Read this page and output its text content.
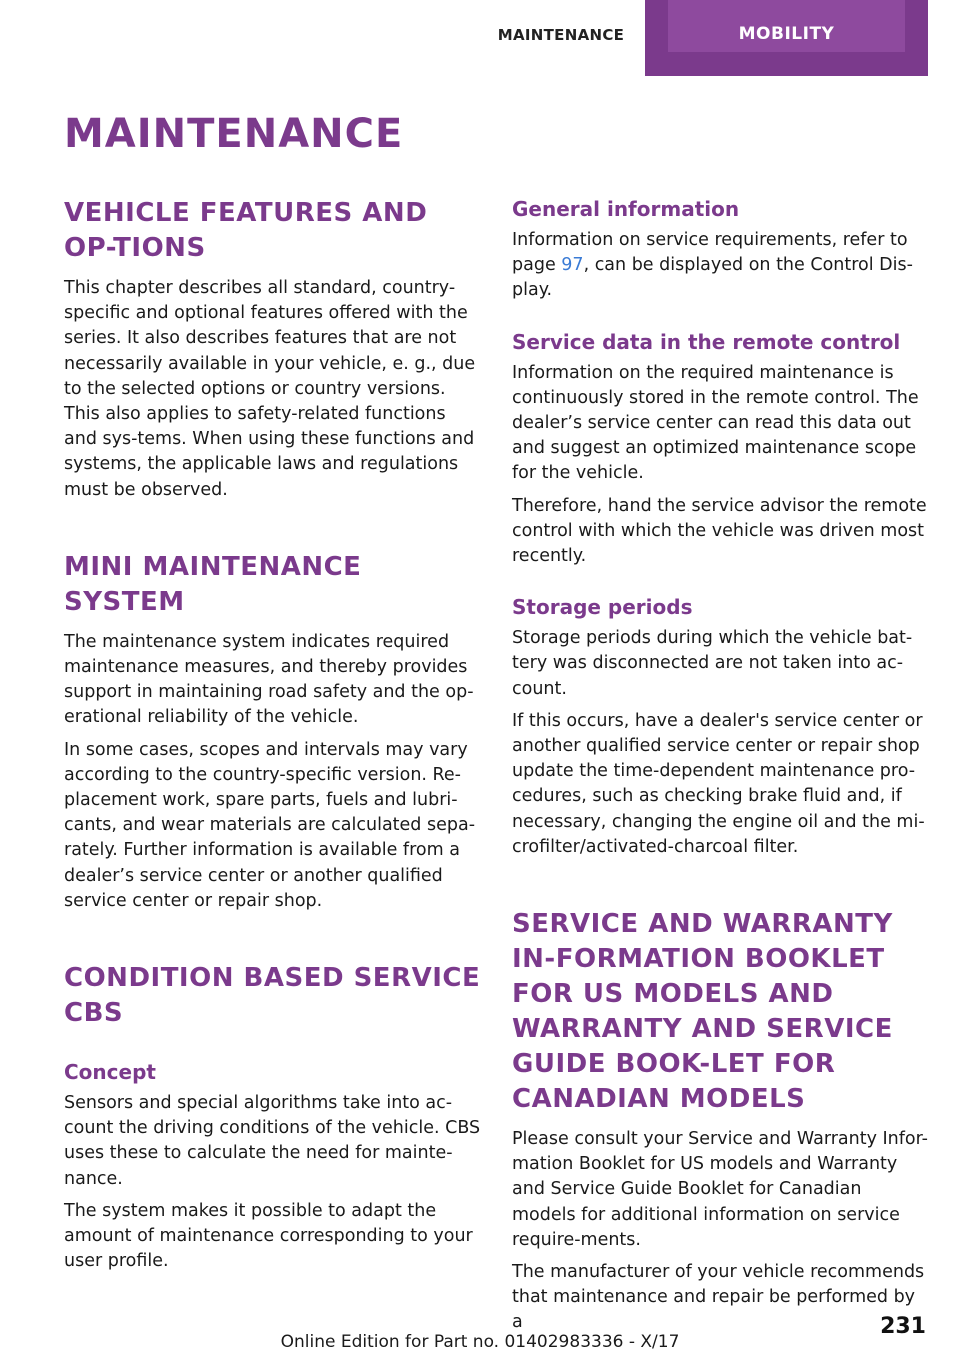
MAINTENANCE	MOBILITY
MAINTENANCE
VEHICLE FEATURES AND OP-TIONS

This chapter describes all standard, country-specific and optional features offered with the series. It also describes features that are not necessarily available in your vehicle, e. g., due to the selected options or country versions. This also applies to safety-related functions and sys-tems. When using these functions and systems, the applicable laws and regulations must be observed.

MINI MAINTENANCE SYSTEM

The maintenance system indicates required maintenance measures, and thereby provides support in maintaining road safety and the op-erational reliability of the vehicle.

In some cases, scopes and intervals may vary according to the country-specific version. Re-placement work, spare parts, fuels and lubri-cants, and wear materials are calculated sepa-rately. Further information is available from a dealer’s service center or another qualified service center or repair shop.

CONDITION BASED SERVICE CBS
Concept

Sensors and special algorithms take into ac-count the driving conditions of the vehicle. CBS uses these to calculate the need for mainte-nance.

The system makes it possible to adapt the amount of maintenance corresponding to your user profile.

General information

Information on service requirements, refer to page 97, can be displayed on the Control Dis-play.

Service data in the remote control

Information on the required maintenance is continuously stored in the remote control. The dealer’s service center can read this data out and suggest an optimized maintenance scope for the vehicle.

Therefore, hand the service advisor the remote control with which the vehicle was driven most recently.

Storage periods

Storage periods during which the vehicle bat-tery was disconnected are not taken into ac-count.

If this occurs, have a dealer's service center or another qualified service center or repair shop update the time-dependent maintenance pro-cedures, such as checking brake fluid and, if necessary, changing the engine oil and the mi-crofilter/activated-charcoal filter.

SERVICE AND WARRANTY IN-FORMATION BOOKLET FOR US MODELS AND WARRANTY AND SERVICE GUIDE BOOK-LET FOR CANADIAN MODELS

Please consult your Service and Warranty Infor-mation Booklet for US models and Warranty and Service Guide Booklet for Canadian models for additional information on service require-ments.

The manufacturer of your vehicle recommends that maintenance and repair be performed by a	231
Online Edition for Part no. 01402983336 - X/17
